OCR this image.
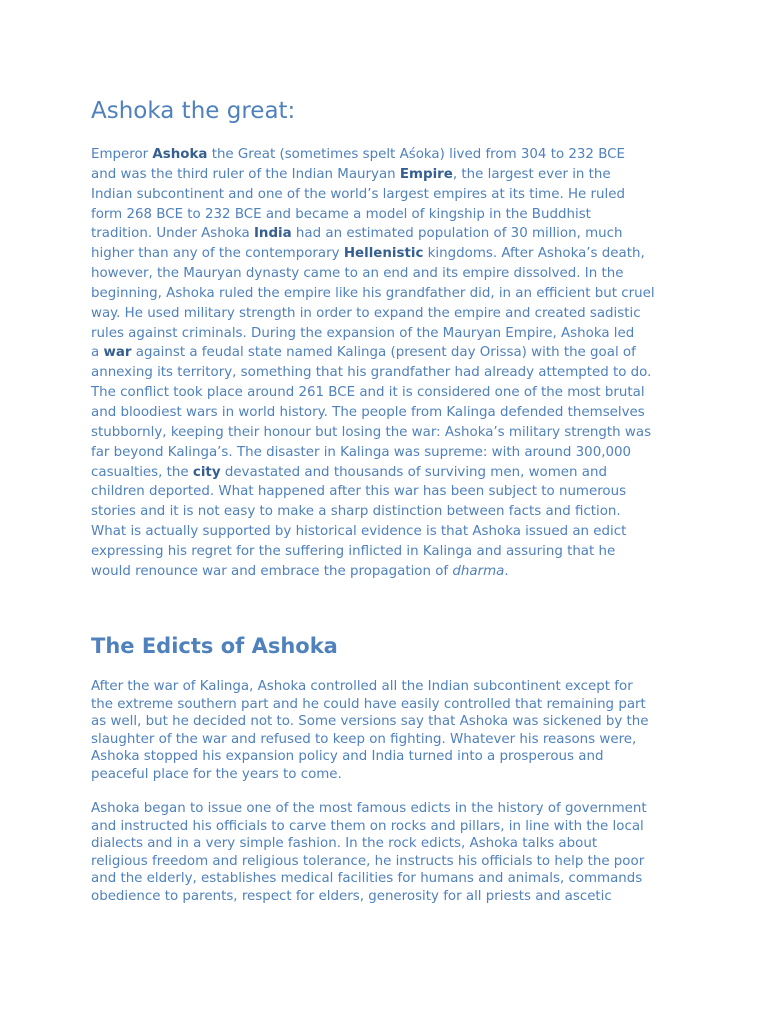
Ashoka the great:
Emperor Ashoka the Great (sometimes spelt Aśoka) lived from 304 to 232 BCE
and was the third ruler of the Indian Mauryan Empire, the largest ever in the
Indian subcontinent and one of the world’s largest empires at its time. He ruled
form 268 BCE to 232 BCE and became a model of kingship in the Buddhist
tradition. Under Ashoka India had an estimated population of 30 million, much
higher than any of the contemporary Hellenistic kingdoms. After Ashoka’s death,
however, the Mauryan dynasty came to an end and its empire dissolved. In the
beginning, Ashoka ruled the empire like his grandfather did, in an efficient but cruel
way. He used military strength in order to expand the empire and created sadistic
rules against criminals. During the expansion of the Mauryan Empire, Ashoka led
a war against a feudal state named Kalinga (present day Orissa) with the goal of
annexing its territory, something that his grandfather had already attempted to do.
The conflict took place around 261 BCE and it is considered one of the most brutal
and bloodiest wars in world history. The people from Kalinga defended themselves
stubbornly, keeping their honour but losing the war: Ashoka’s military strength was
far beyond Kalinga’s. The disaster in Kalinga was supreme: with around 300,000
casualties, the city devastated and thousands of surviving men, women and
children deported. What happened after this war has been subject to numerous
stories and it is not easy to make a sharp distinction between facts and fiction.
What is actually supported by historical evidence is that Ashoka issued an edict
expressing his regret for the suffering inflicted in Kalinga and assuring that he
would renounce war and embrace the propagation of dharma.
The Edicts of Ashoka
After the war of Kalinga, Ashoka controlled all the Indian subcontinent except for
the extreme southern part and he could have easily controlled that remaining part
as well, but he decided not to. Some versions say that Ashoka was sickened by the
slaughter of the war and refused to keep on fighting. Whatever his reasons were,
Ashoka stopped his expansion policy and India turned into a prosperous and
peaceful place for the years to come.
Ashoka began to issue one of the most famous edicts in the history of government
and instructed his officials to carve them on rocks and pillars, in line with the local
dialects and in a very simple fashion. In the rock edicts, Ashoka talks about
religious freedom and religious tolerance, he instructs his officials to help the poor
and the elderly, establishes medical facilities for humans and animals, commands
obedience to parents, respect for elders, generosity for all priests and ascetic
